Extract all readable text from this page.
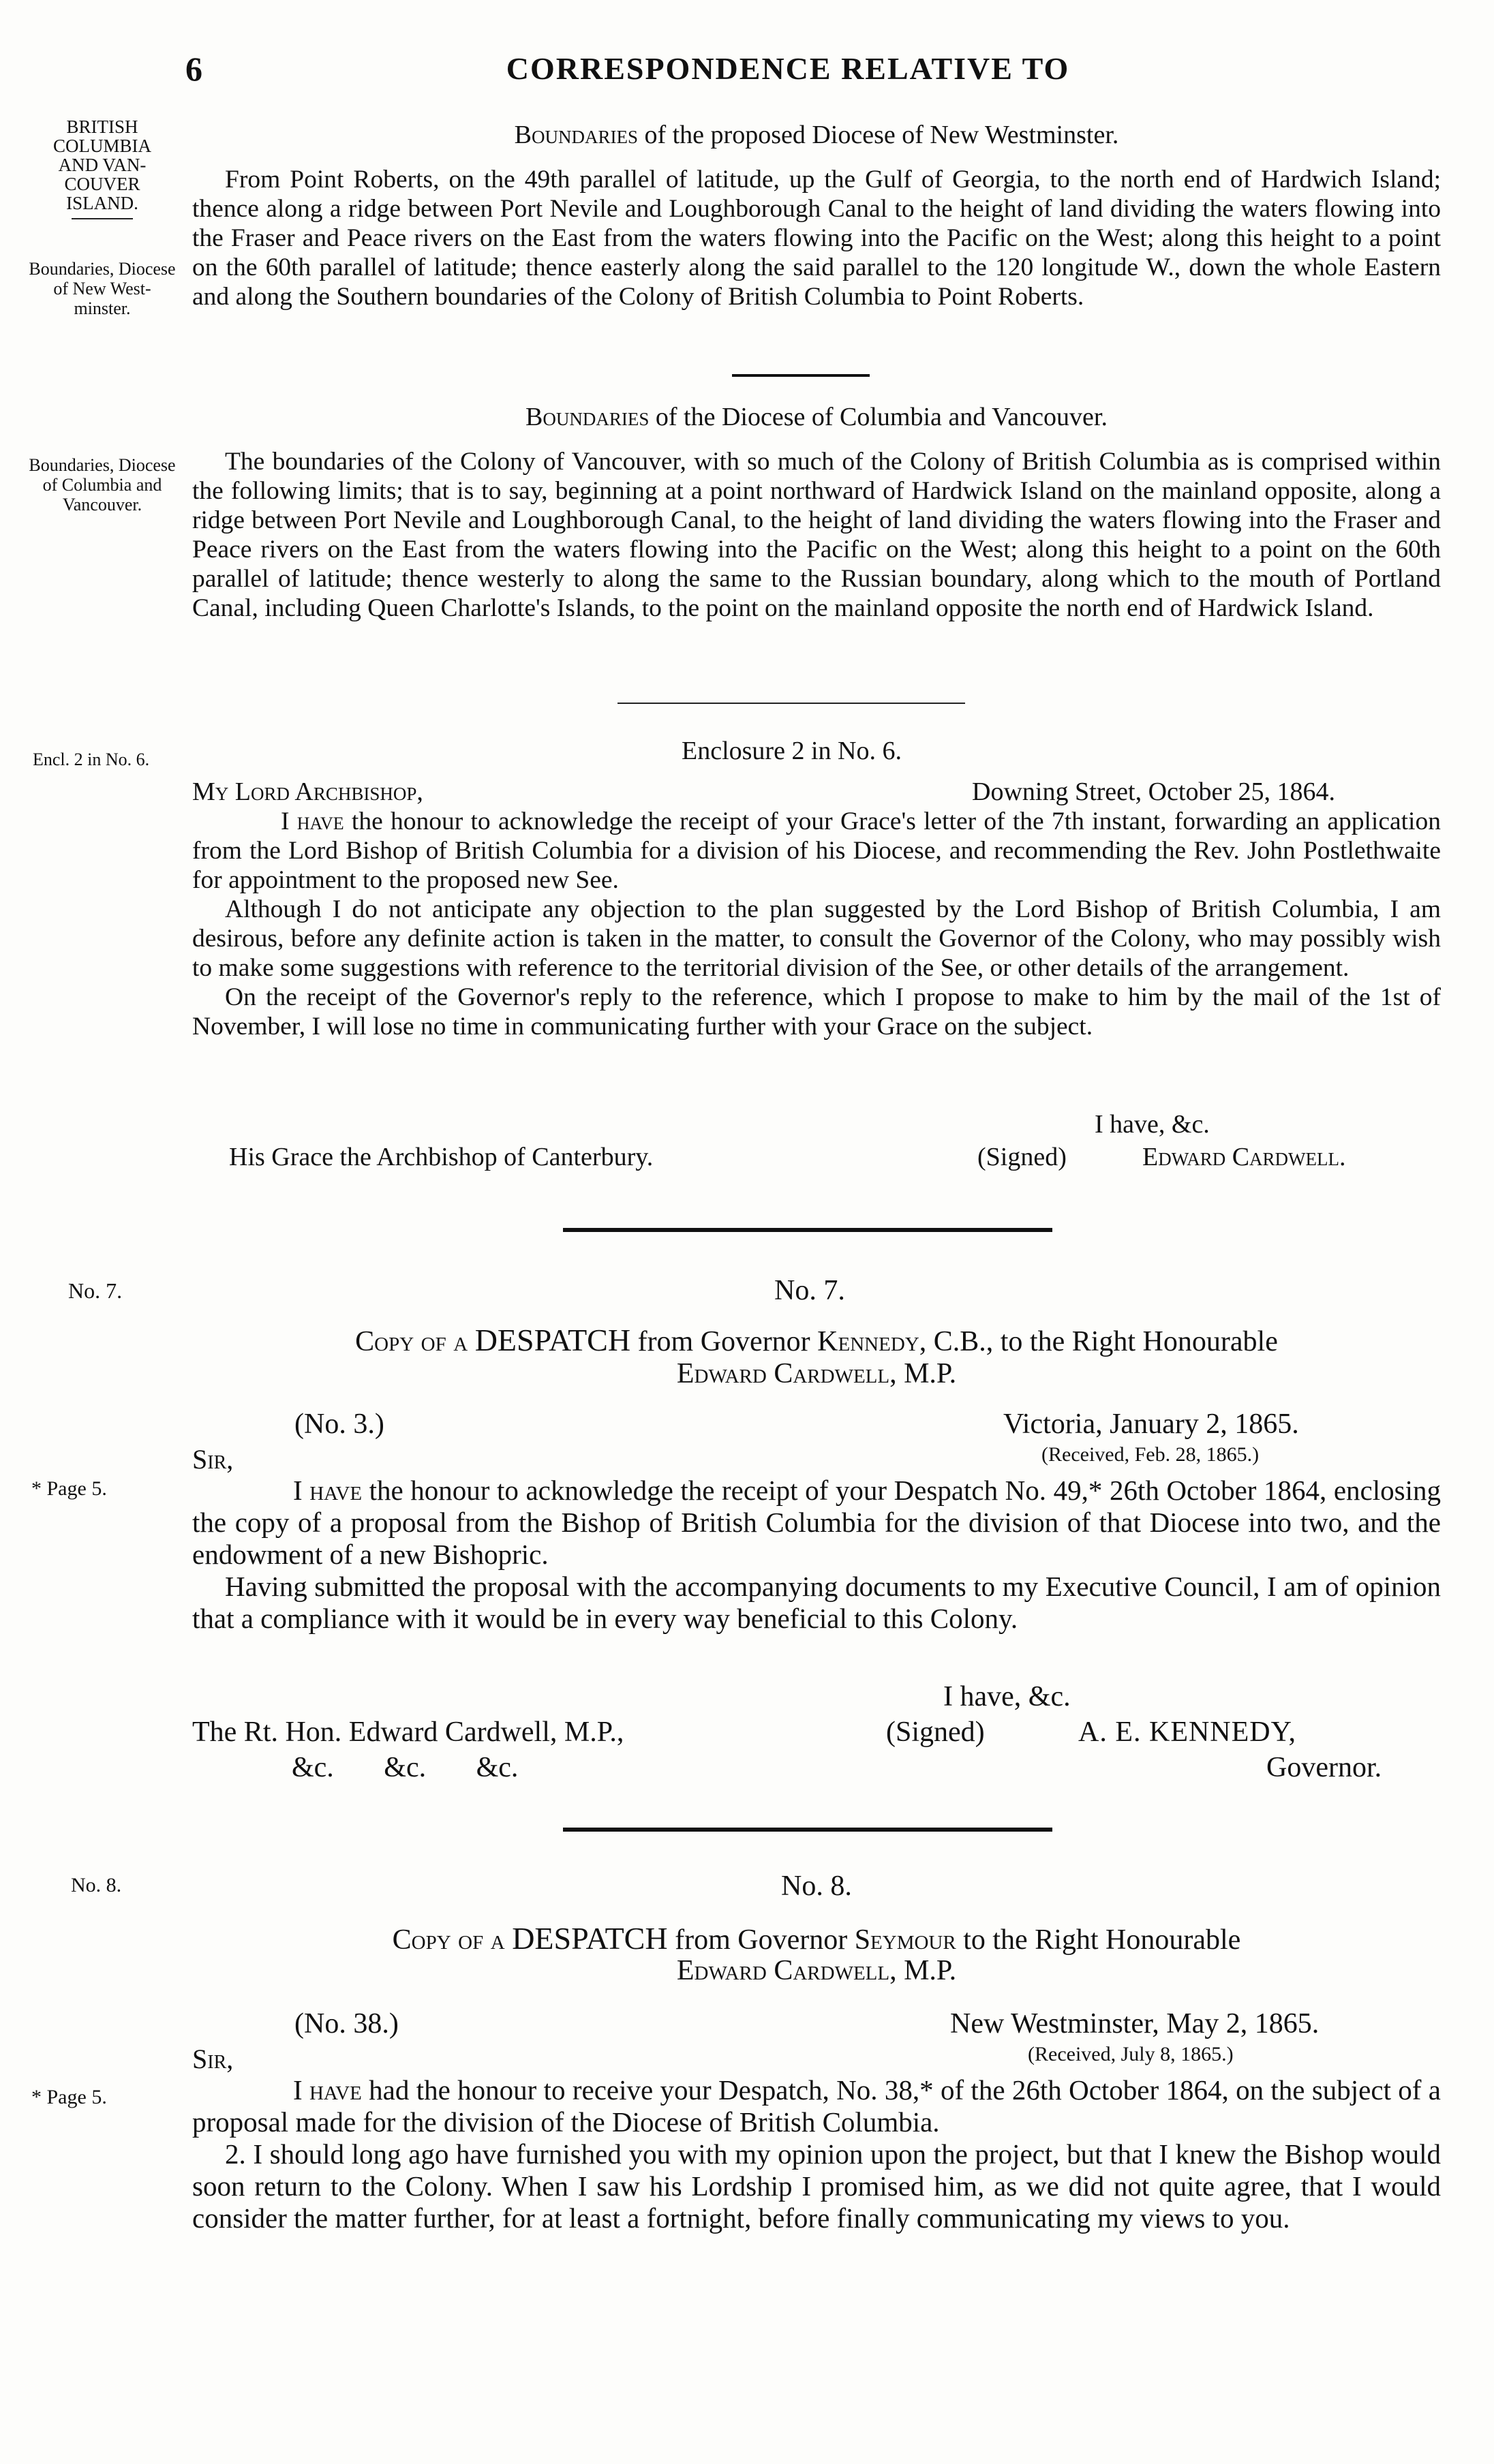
6	CORRESPONDENCE RELATIVE TO
BRITISH COLUMBIA AND VAN-COUVER ISLAND.
Boundaries, Diocese of New West-minster.
Boundaries, Diocese of Columbia and Vancouver.
Encl. 2 in No. 6.
No. 7.
* Page 5.
No. 8.
* Page 5.
Boundaries of the proposed Diocese of New Westminster.

From Point Roberts, on the 49th parallel of latitude, up the Gulf of Georgia, to the north end of Hardwich Island; thence along a ridge between Port Nevile and Loughborough Canal to the height of land dividing the waters flowing into the Fraser and Peace rivers on the East from the waters flowing into the Pacific on the West; along this height to a point on the 60th parallel of latitude; thence easterly along the said parallel to the 120 longitude W., down the whole Eastern and along the Southern boundaries of the Colony of British Columbia to Point Roberts.

Boundaries of the Diocese of Columbia and Vancouver.

The boundaries of the Colony of Vancouver, with so much of the Colony of British Columbia as is comprised within the following limits; that is to say, beginning at a point northward of Hardwick Island on the mainland opposite, along a ridge between Port Nevile and Loughborough Canal, to the height of land dividing the waters flowing into the Fraser and Peace rivers on the East from the waters flowing into the Pacific on the West; along this height to a point on the 60th parallel of latitude; thence westerly to along the same to the Russian boundary, along which to the mouth of Portland Canal, including Queen Charlotte's Islands, to the point on the mainland opposite the north end of Hardwick Island.

Enclosure 2 in No. 6.
My Lord Archbishop,	Downing Street, October 25, 1864.

I have the honour to acknowledge the receipt of your Grace's letter of the 7th instant, forwarding an application from the Lord Bishop of British Columbia for a division of his Diocese, and recommending the Rev. John Postlethwaite for appointment to the proposed new See.

Although I do not anticipate any objection to the plan suggested by the Lord Bishop of British Columbia, I am desirous, before any definite action is taken in the matter, to consult the Governor of the Colony, who may possibly wish to make some suggestions with reference to the territorial division of the See, or other details of the arrangement.

On the receipt of the Governor's reply to the reference, which I propose to make to him by the mail of the 1st of November, I will lose no time in communicating further with your Grace on the subject.

I have, &c.
His Grace the Archbishop of Canterbury.	(Signed)	Edward Cardwell.
No. 7.
Copy of a DESPATCH from Governor Kennedy, C.B., to the Right Honourable
Edward Cardwell, M.P.
(No. 3.)	Victoria, January 2, 1865.
(Received, Feb. 28, 1865.)
Sir,

I have the honour to acknowledge the receipt of your Despatch No. 49,* 26th October 1864, enclosing the copy of a proposal from the Bishop of British Columbia for the division of that Diocese into two, and the endowment of a new Bishopric.

Having submitted the proposal with the accompanying documents to my Executive Council, I am of opinion that a compliance with it would be in every way beneficial to this Colony.

I have, &c.
The Rt. Hon. Edward Cardwell, M.P.,
&c.       &c.       &c.
(Signed)	A. E. KENNEDY,
Governor.
No. 8.
Copy of a DESPATCH from Governor Seymour to the Right Honourable
Edward Cardwell, M.P.
(No. 38.)	New Westminster, May 2, 1865.
(Received, July 8, 1865.)
Sir,

I have had the honour to receive your Despatch, No. 38,* of the 26th October 1864, on the subject of a proposal made for the division of the Diocese of British Columbia.

2. I should long ago have furnished you with my opinion upon the project, but that I knew the Bishop would soon return to the Colony. When I saw his Lordship I promised him, as we did not quite agree, that I would consider the matter further, for at least a fortnight, before finally communicating my views to you.
